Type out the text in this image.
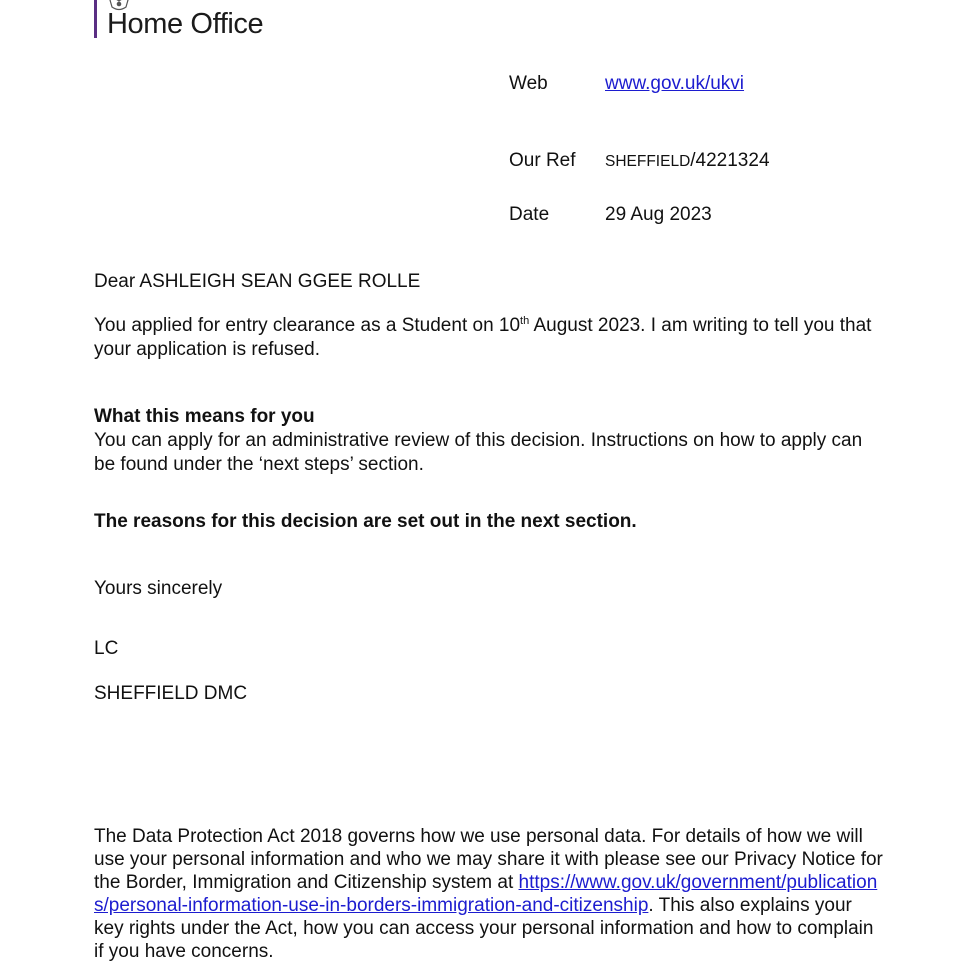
Home Office
Web	www.gov.uk/ukvi
Our Ref SHEFFIELD/4221324
Date	29 Aug 2023
Dear ASHLEIGH SEAN GGEE ROLLE
You applied for entry clearance as a Student on 10th August 2023. I am writing to tell you that your application is refused.
What this means for you
You can apply for an administrative review of this decision. Instructions on how to apply can be found under the ‘next steps’ section.
The reasons for this decision are set out in the next section.
Yours sincerely
LC
SHEFFIELD DMC
The Data Protection Act 2018 governs how we use personal data. For details of how we will use your personal information and who we may share it with please see our Privacy Notice for the Border, Immigration and Citizenship system at https://www.gov.uk/government/publications/personal-information-use-in-borders-immigration-and-citizenship. This also explains your key rights under the Act, how you can access your personal information and how to complain if you have concerns.
